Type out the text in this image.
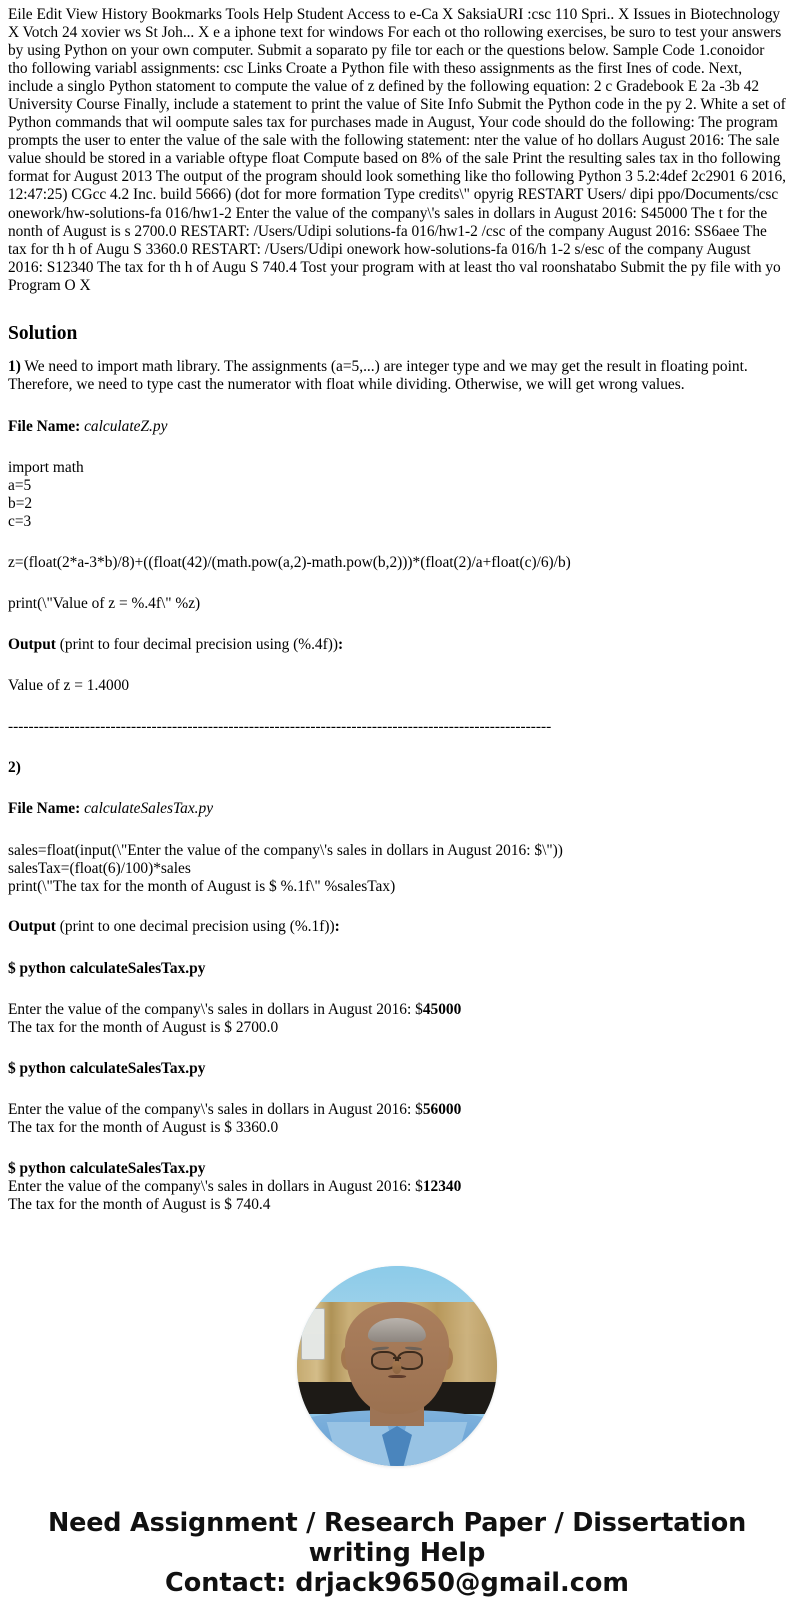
Eile Edit View History Bookmarks Tools Help Student Access to e-Ca X SaksiaURI :csc 110 Spri.. X Issues in Biotechnology X Votch 24 xovier ws St Joh... X e a iphone text for windows For each ot tho rollowing exercises, be suro to test your answers by using Python on your own computer. Submit a soparato py file tor each or the questions below. Sample Code 1.conoidor tho following variabl assignments: csc Links Croate a Python file with theso assignments as the first Ines of code. Next, include a singlo Python statoment to compute the value of z defined by the following equation: 2 c Gradebook E 2a -3b 42 University Course Finally, include a statement to print the value of Site Info Submit the Python code in the py 2. White a set of Python commands that wil oompute sales tax for purchases made in August, Your code should do the following: The program prompts the user to enter the value of the sale with the following statement: nter the value of ho dollars August 2016: The sale value should be stored in a variable oftype float Compute based on 8% of the sale Print the resulting sales tax in tho following format for August 2013 The output of the program should look something like tho following Python 3 5.2:4def 2c2901 6 2016, 12:47:25) CGcc 4.2 Inc. build 5666) (dot for more formation Type credits\" opyrig RESTART Users/ dipi ppo/Documents/csc onework/hw-solutions-fa 016/hw1-2 Enter the value of the company\'s sales in dollars in August 2016: S45000 The t for the nonth of August is s 2700.0 RESTART: /Users/Udipi solutions-fa 016/hw1-2 /csc of the company August 2016: SS6aee The tax for th h of Augu S 3360.0 RESTART: /Users/Udipi onework how-solutions-fa 016/h 1-2 s/esc of the company August 2016: S12340 The tax for th h of Augu S 740.4 Tost your program with at least tho val roonshatabo Submit the py file with yo Program O X

Solution

1) We need to import math library. The assignments (a=5,...) are integer type and we may get the result in floating point. Therefore, we need to type cast the numerator with float while dividing. Otherwise, we will get wrong values.

File Name: calculateZ.py

import math
a=5
b=2
c=3
z=(float(2*a-3*b)/8)+((float(42)/(math.pow(a,2)-math.pow(b,2)))*(float(2)/a+float(c)/6)/b)
print(\"Value of z = %.4f\" %z)

Output (print to four decimal precision using (%.4f)):

Value of z = 1.4000

----------------------------------------------------------------------------------------------------------

2)

File Name: calculateSalesTax.py

sales=float(input(\"Enter the value of the company\'s sales in dollars in August 2016: $\"))
salesTax=(float(6)/100)*sales
print(\"The tax for the month of August is $ %.1f\" %salesTax)

Output (print to one decimal precision using (%.1f)):

$ python calculateSalesTax.py

Enter the value of the company\'s sales in dollars in August 2016: $45000
The tax for the month of August is $ 2700.0

$ python calculateSalesTax.py

Enter the value of the company\'s sales in dollars in August 2016: $56000
The tax for the month of August is $ 3360.0

$ python calculateSalesTax.py

Enter the value of the company\'s sales in dollars in August 2016: $12340
The tax for the month of August is $ 740.4
Need Assignment / Research Paper / Dissertation
writing Help
Contact: drjack9650@gmail.com
